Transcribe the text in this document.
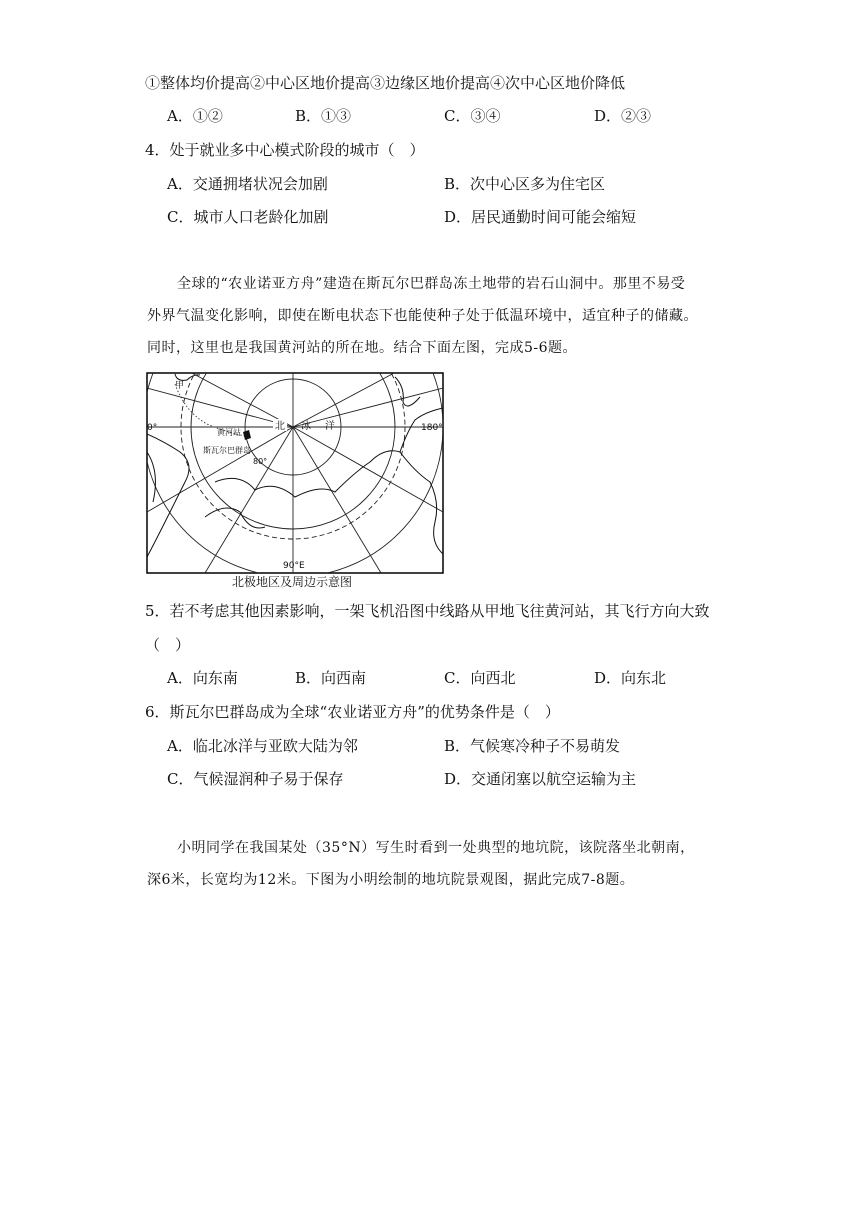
①整体均价提高②中心区地价提高③边缘区地价提高④次中心区地价降低
A．①②	B．①③	C．③④	D．②③
4．处于就业多中心模式阶段的城市（　）
A．交通拥堵状况会加剧	B．次中心区多为住宅区
C．城市人口老龄化加剧	D．居民通勤时间可能会缩短

全球的“农业诺亚方舟”建造在斯瓦尔巴群岛冻土地带的岩石山洞中。那里不易受

外界气温变化影响，即使在断电状态下也能使种子处于低温环境中，适宜种子的储藏。

同时，这里也是我国黄河站的所在地。结合下面左图，完成5-6题。

甲
0°	180°
90°E
北 冰 洋
黄河站
斯瓦尔巴群岛
80°
北极地区及周边示意图
5．若不考虑其他因素影响，一架飞机沿图中线路从甲地飞往黄河站，其飞行方向大致
（　）
A．向东南	B．向西南	C．向西北	D．向东北
6．斯瓦尔巴群岛成为全球“农业诺亚方舟”的优势条件是（　）
A．临北冰洋与亚欧大陆为邻	B．气候寒冷种子不易萌发
C．气候湿润种子易于保存	D．交通闭塞以航空运输为主

小明同学在我国某处（35°N）写生时看到一处典型的地坑院，该院落坐北朝南，

深6米，长宽均为12米。下图为小明绘制的地坑院景观图，据此完成7-8题。
